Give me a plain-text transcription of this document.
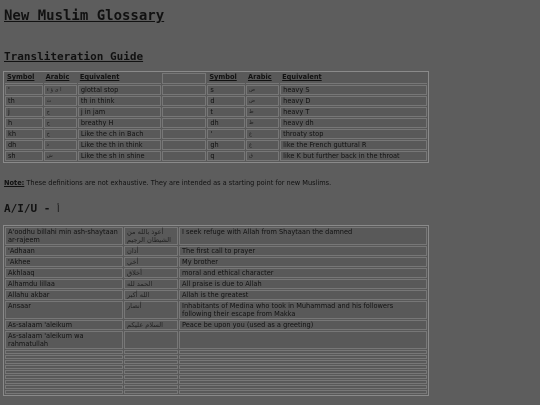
New Muslim Glossary
Transliteration Guide
Symbol	Arabic	Equivalent		Symbol	Arabic	Equivalent
'	ا ى ؤ ء	glottal stop		s	ص	heavy S
th	ث	th in think		d	ض	heavy D
j	ج	j in jam		t	ط	heavy T
h	ح	breathy H		dh	ظ	heavy dh
kh	خ	Like the ch in Bach		'	ع	throaty stop
dh	ذ	Like the th in think		gh	غ	like the French guttural R
sh	ش	Like the sh in shine		q	ق	like K but further back in the throat

Note: These definitions are not exhaustive. They are intended as a starting point for new Muslims.

A/I/U - أ
A'oodhu billahi min ash-shaytaan ar-rajeem	أعوذ بالله من الشيطان الرجيم	I seek refuge with Allah from Shaytaan the damned
'Adhaan	أذان	The first call to prayer
'Akhee	أخي	My brother
Akhlaaq	أخلاق	moral and ethical character
Alhamdu lillaa	الحمد لله	All praise is due to Allah
Allahu akbar	الله أكبر	Allah is the greatest
Ansaar	أنصار	Inhabitants of Medina who took in Muhammad and his followers following their escape from Makka
As-salaam 'aleikum	السلام عليكم	Peace be upon you (used as a greeting)
As-salaam 'aleikum wa rahmatullah		
